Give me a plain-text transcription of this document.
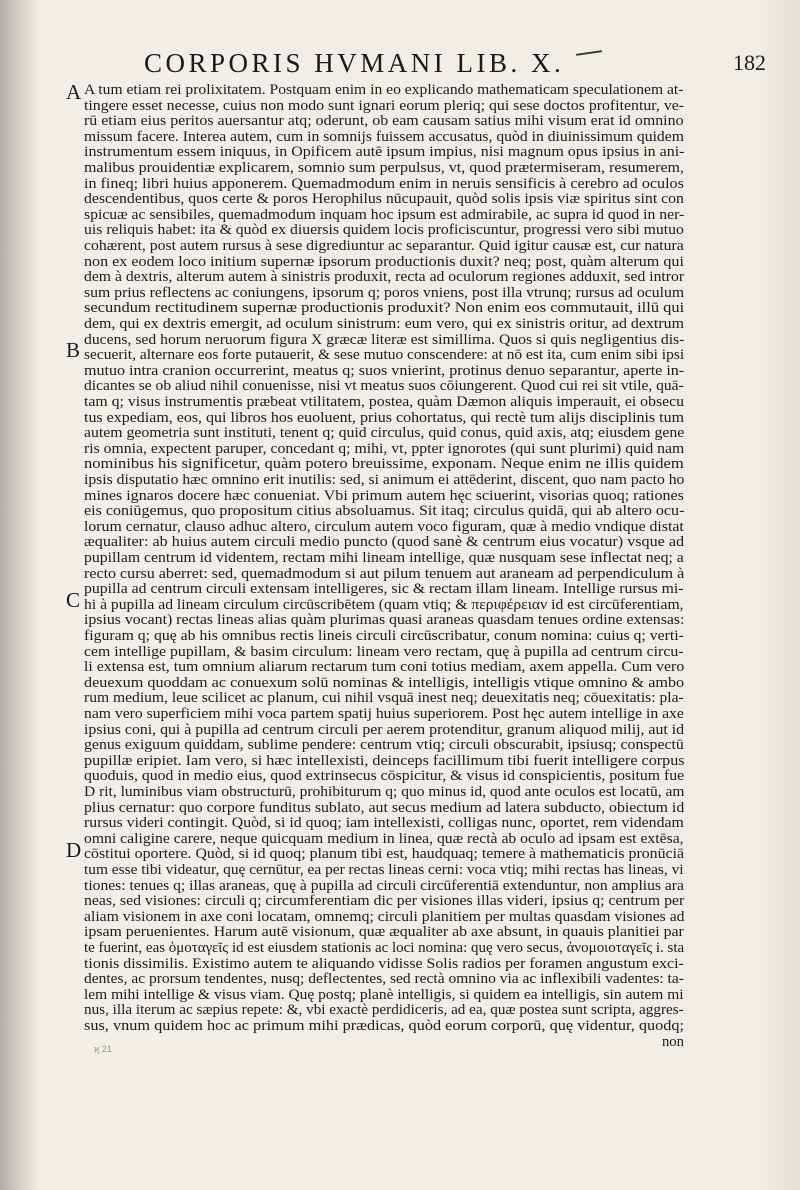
CORPORIS HVMANI LIB. X.	182
A
B
C
D
A tum etiam rei prolixitatem. Postquam enim in eo explicando mathematicam speculationem at-
tingere esset necesse, cuius non modo sunt ignari eorum pleriq; qui sese doctos profitentur, ve-
rū etiam eius peritos auersantur atq; oderunt, ob eam causam satius mihi visum erat id omnino
missum facere. Interea autem, cum in somnijs fuissem accusatus, quòd in diuinissimum quidem
instrumentum essem iniquus, in Opificem autē ipsum impius, nisi magnum opus ipsius in ani-
malibus prouidentiæ explicarem, somnio sum perpulsus, vt, quod prætermiseram, resumerem,
in fineq; libri huius apponerem. Quemadmodum enim in neruis sensificis à cerebro ad oculos
descendentibus, quos certe & poros Herophilus nūcupauit, quòd solis ipsis viæ spiritus sint con
spicuæ ac sensibiles, quemadmodum inquam hoc ipsum est admirabile, ac supra id quod in ner-
uis reliquis habet: ita & quòd ex diuersis quidem locis proficiscuntur, progressi vero sibi mutuo
cohærent, post autem rursus à sese digrediuntur ac separantur. Quid igitur causæ est, cur natura
non ex eodem loco initium supernæ ipsorum productionis duxit? neq; post, quàm alterum qui
dem à dextris, alterum autem à sinistris produxit, recta ad oculorum regiones adduxit, sed intror
sum prius reflectens ac coniungens, ipsorum q; poros vniens, post illa vtrunq; rursus ad oculum
secundum rectitudinem supernæ productionis produxit? Non enim eos commutauit, illū qui
dem, qui ex dextris emergit, ad oculum sinistrum: eum vero, qui ex sinistris oritur, ad dextrum
ducens, sed horum neruorum figura X græcæ literæ est simillima. Quos si quis negligentius dis-
secuerit, alternare eos forte putauerit, & sese mutuo conscendere: at nō est ita, cum enim sibi ipsi
mutuo intra cranion occurrerint, meatus q; suos vnierint, protinus denuo separantur, aperte in-
dicantes se ob aliud nihil conuenisse, nisi vt meatus suos cōiungerent. Quod cui rei sit vtile, quā-
tam q; visus instrumentis præbeat vtilitatem, postea, quàm Dæmon aliquis imperauit, ei obsecu
tus expediam, eos, qui libros hos euoluent, prius cohortatus, qui rectè tum alijs disciplinis tum
autem geometria sunt instituti, tenent q; quid circulus, quid conus, quid axis, atq; eiusdem gene
ris omnia, expectent paruper, concedant q; mihi, vt, ppter ignorotes (qui sunt plurimi) quid nam
nominibus his significetur, quàm potero breuissime, exponam. Neque enim ne illis quidem
ipsis disputatio hæc omnino erit inutilis: sed, si animum ei attēderint, discent, quo nam pacto ho
mines ignaros docere hæc conueniat. Vbi primum autem hęc sciuerint, visorias quoq; rationes
eis coniūgemus, quo propositum citius absoluamus. Sit itaq; circulus quidā, qui ab altero ocu-
lorum cernatur, clauso adhuc altero, circulum autem voco figuram, quæ à medio vndique distat
æqualiter: ab huius autem circuli medio puncto (quod sanè & centrum eius vocatur) vsque ad
pupillam centrum id videntem, rectam mihi lineam intellige, quæ nusquam sese inflectat neq; a
recto cursu aberret: sed, quemadmodum si aut pilum tenuem aut araneam ad perpendiculum à
pupilla ad centrum circuli extensam intelligeres, sic & rectam illam lineam. Intellige rursus mi-
hi à pupilla ad lineam circulum circūscribētem (quam vtiq; & περιφέρειαν id est circūferentiam,
ipsius vocant) rectas lineas alias quàm plurimas quasi araneas quasdam tenues ordine extensas:
figuram q; quę ab his omnibus rectis lineis circuli circūscribatur, conum nomina: cuius q; verti-
cem intellige pupillam, & basim circulum: lineam vero rectam, quę à pupilla ad centrum circu-
li extensa est, tum omnium aliarum rectarum tum coni totius mediam, axem appella. Cum vero
deuexum quoddam ac conuexum solū nominas & intelligis, intelligis vtique omnino & ambo
rum medium, leue scilicet ac planum, cui nihil vsquā inest neq; deuexitatis neq; cōuexitatis: pla-
nam vero superficiem mihi voca partem spatij huius superiorem. Post hęc autem intellige in axe
ipsius coni, qui à pupilla ad centrum circuli per aerem protenditur, granum aliquod milij, aut id
genus exiguum quiddam, sublime pendere: centrum vtiq; circuli obscurabit, ipsiusq; conspectū
pupillæ eripiet. Iam vero, si hæc intellexisti, deinceps facillimum tibi fuerit intelligere corpus
quoduis, quod in medio eius, quod extrinsecus cōspicitur, & visus id conspicientis, positum fue
D rit, luminibus viam obstructurū, prohibiturum q; quo minus id, quod ante oculos est locatū, am
plius cernatur: quo corpore funditus sublato, aut secus medium ad latera subducto, obiectum id
rursus videri contingit. Quòd, si id quoq; iam intellexisti, colligas nunc, oportet, rem videndam
omni caligine carere, neque quicquam medium in linea, quæ rectà ab oculo ad ipsam est extēsa,
cōstitui oportere. Quòd, si id quoq; planum tibi est, haudquaq; temere à mathematicis pronūciā
tum esse tibi videatur, quę cernūtur, ea per rectas lineas cerni: voca vtiq; mihi rectas has lineas, vi
tiones: tenues q; illas araneas, quę à pupilla ad circuli circūferentiā extenduntur, non amplius ara
neas, sed visiones: circuli q; circumferentiam dic per visiones illas videri, ipsius q; centrum per
aliam visionem in axe coni locatam, omnemq; circuli planitiem per multas quasdam visiones ad
ipsam peruenientes. Harum autē visionum, quæ æqualiter ab axe absunt, in quauis planitiei par
te fuerint, eas ὁμοταγεῖς id est eiusdem stationis ac loci nomina: quę vero secus, ἀνομοιοταγεῖς i. sta
tionis dissimilis. Existimo autem te aliquando vidisse Solis radios per foramen angustum exci-
dentes, ac prorsum tendentes, nusq; deflectentes, sed rectà omnino via ac inflexibili vadentes: ta-
lem mihi intellige & visus viam. Quę postq; planè intelligis, si quidem ea intelligis, sin autem mi
nus, illa iterum ac sæpius repete: &, vbi exactè perdidiceris, ad ea, quæ postea sunt scripta, aggres-
sus, vnum quidem hoc ac primum mihi prædicas, quòd eorum corporū, quę videntur, quodq;
non
ϗ 21
